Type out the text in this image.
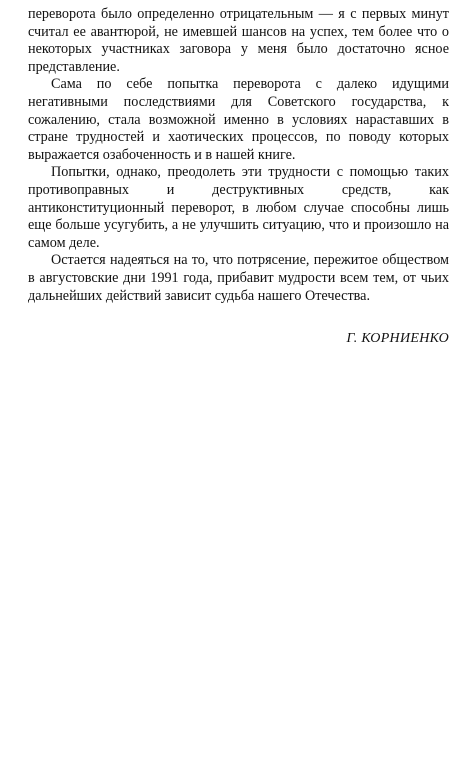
переворота было определенно отрицательным — я с первых минут считал ее авантюрой, не имевшей шансов на успех, тем более что о некоторых участниках заговора у меня было достаточно ясное представление.

Сама по себе попытка переворота с далеко идущими негативными последствиями для Советского государства, к сожалению, стала возможной именно в условиях нараставших в стране трудностей и хаотических процессов, по поводу которых выражается озабоченность и в нашей книге.

Попытки, однако, преодолеть эти трудности с помощью таких противоправных и деструктивных средств, как антиконституционный переворот, в любом случае способны лишь еще больше усугубить, а не улучшить ситуацию, что и произошло на самом деле.

Остается надеяться на то, что потрясение, пережитое обществом в августовские дни 1991 года, прибавит мудрости всем тем, от чьих дальнейших действий зависит судьба нашего Отечества.

Г. КОРНИЕНКО
